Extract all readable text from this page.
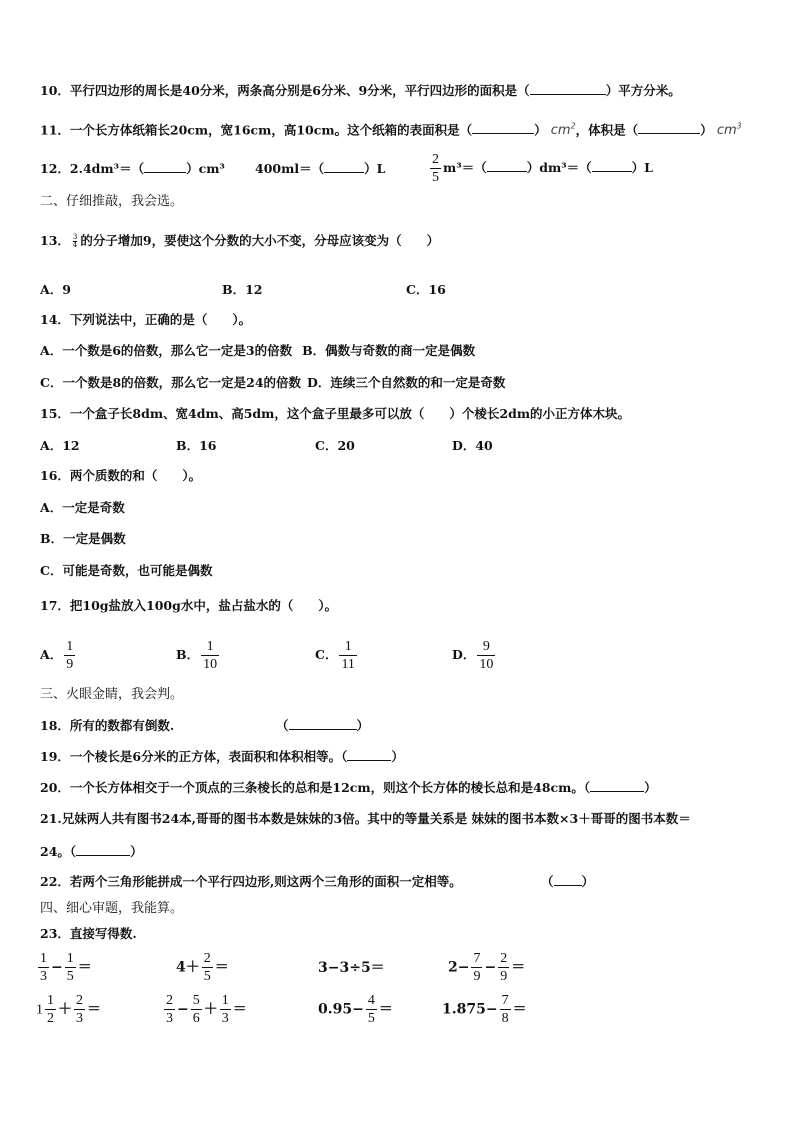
10．平行四边形的周长是40分米，两条高分别是6分米、9分米，平行四边形的面积是（	）平方分米。
11．一个长方体纸箱长20cm，宽16cm，高10cm。这个纸箱的表面积是（	） $cm^2$，体积是（	） $cm^3$
12．2.4dm³＝（	）cm³ 400ml＝（	）L	$\frac{2}{5} m^3=$（	）dm³＝（	）L
二、仔细推敲，我会选。
13． $\frac{3}{4}$ 的分子增加9，要使这个分数的大小不变，分母应该变为（　　）
A．9	B．12	C．16
14．下列说法中，正确的是（　　）。
A．一个数是6的倍数，那么它一定是3的倍数 B．偶数与奇数的商一定是偶数
C．一个数是8的倍数，那么它一定是24的倍数 D．连续三个自然数的和一定是奇数
15．一个盒子长8dm、宽4dm、高5dm，这个盒子里最多可以放（　　）个棱长2dm的小正方体木块。
A．12	B．16	C．20	D．40
16．两个质数的和（　　）。
A．一定是奇数
B．一定是偶数
C．可能是奇数，也可能是偶数
17．把10g盐放入100g水中，盐占盐水的（　　）。
A． $\frac{1}{9}$	B． $\frac{1}{10}$	C． $\frac{1}{11}$	D． $\frac{9}{10}$
三、火眼金睛，我会判。
18．所有的数都有倒数.	（	）
19．一个棱长是6分米的正方体，表面积和体积相等。（	）
20．一个长方体相交于一个顶点的三条棱长的总和是12cm，则这个长方体的棱长总和是48cm。（	）
21.兄妹两人共有图书24本,哥哥的图书本数是妹妹的3倍。其中的等量关系是 妹妹的图书本数×3＋哥哥的图书本数＝
24。（	）
22．若两个三角形能拼成一个平行四边形,则这两个三角形的面积一定相等。	（ ）
四、细心审题，我能算。
23．直接写得数.
$\frac{1}{3} - \frac{1}{5}$ ＝	$4+ \frac{2}{5}$ ＝	3−3÷5＝	$2- \frac{7}{9} - \frac{2}{9}$ ＝
$1 \frac{1}{2} + \frac{2}{3}$ ＝	$\frac{2}{3} - \frac{5}{6} + \frac{1}{3}$ ＝	$0.95- \frac{4}{5}$ ＝	$1.875- \frac{7}{8}$ ＝
